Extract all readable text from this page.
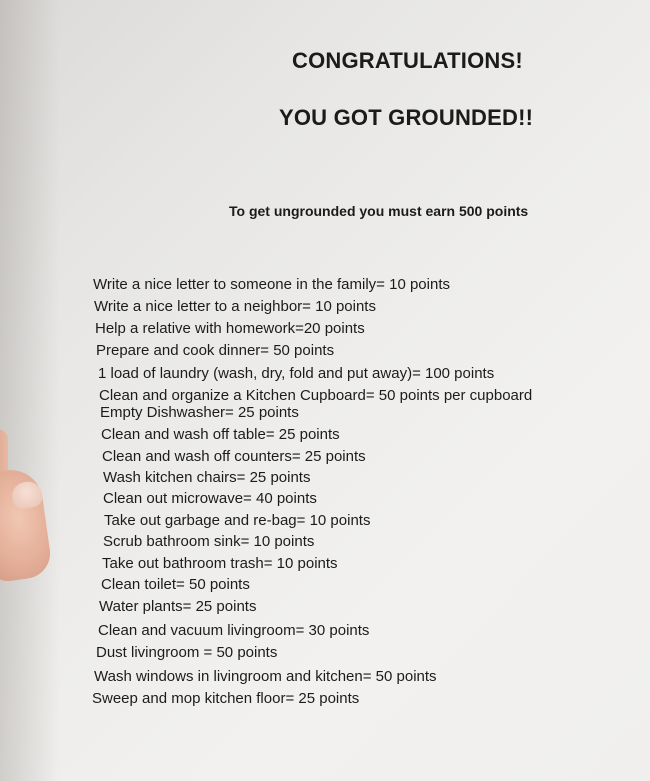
CONGRATULATIONS!
YOU GOT GROUNDED!!
To get ungrounded you must earn 500 points
Write a nice letter to someone in the family= 10 points
Write a nice letter to a neighbor= 10 points
Help a relative with homework=20 points
Prepare and cook dinner= 50 points
1 load of laundry (wash, dry, fold and put away)= 100 points
Clean and organize a Kitchen Cupboard= 50 points per cupboard
Empty Dishwasher= 25 points
Clean and wash off table= 25 points
Clean and wash off counters= 25 points
Wash kitchen chairs= 25 points
Clean out microwave= 40 points
Take out garbage and re-bag= 10 points
Scrub bathroom sink= 10 points
Take out bathroom trash= 10 points
Clean toilet= 50 points
Water plants= 25 points
Clean and vacuum livingroom= 30 points
Dust livingroom = 50 points
Wash windows in livingroom and kitchen= 50 points
Sweep and mop kitchen floor= 25 points
